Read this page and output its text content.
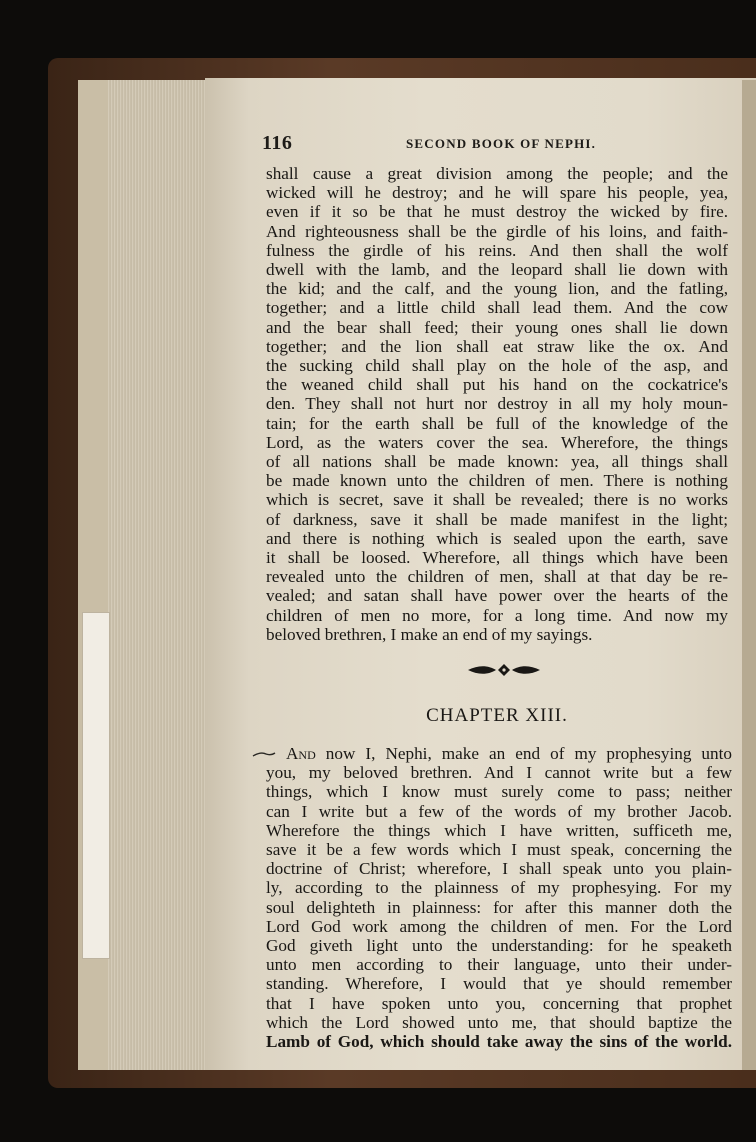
116	SECOND BOOK OF NEPHI.
shall cause a great division among the people; and the
wicked will he destroy; and he will spare his people, yea,
even if it so be that he must destroy the wicked by fire.
And righteousness shall be the girdle of his loins, and faith-
fulness the girdle of his reins. And then shall the wolf
dwell with the lamb, and the leopard shall lie down with
the kid; and the calf, and the young lion, and the fatling,
together; and a little child shall lead them. And the cow
and the bear shall feed; their young ones shall lie down
together; and the lion shall eat straw like the ox. And
the sucking child shall play on the hole of the asp, and
the weaned child shall put his hand on the cockatrice's
den. They shall not hurt nor destroy in all my holy moun-
tain; for the earth shall be full of the knowledge of the
Lord, as the waters cover the sea. Wherefore, the things
of all nations shall be made known: yea, all things shall
be made known unto the children of men. There is nothing
which is secret, save it shall be revealed; there is no works
of darkness, save it shall be made manifest in the light;
and there is nothing which is sealed upon the earth, save
it shall be loosed. Wherefore, all things which have been
revealed unto the children of men, shall at that day be re-
vealed; and satan shall have power over the hearts of the
children of men no more, for a long time. And now my
beloved brethren, I make an end of my sayings.
CHAPTER XIII.
And now I, Nephi, make an end of my prophesying unto
you, my beloved brethren. And I cannot write but a few
things, which I know must surely come to pass; neither
can I write but a few of the words of my brother Jacob.
Wherefore the things which I have written, sufficeth me,
save it be a few words which I must speak, concerning the
doctrine of Christ; wherefore, I shall speak unto you plain-
ly, according to the plainness of my prophesying. For my
soul delighteth in plainness: for after this manner doth the
Lord God work among the children of men. For the Lord
God giveth light unto the understanding: for he speaketh
unto men according to their language, unto their under-
standing. Wherefore, I would that ye should remember
that I have spoken unto you, concerning that prophet
which the Lord showed unto me, that should baptize the
Lamb of God, which should take away the sins of the world.
